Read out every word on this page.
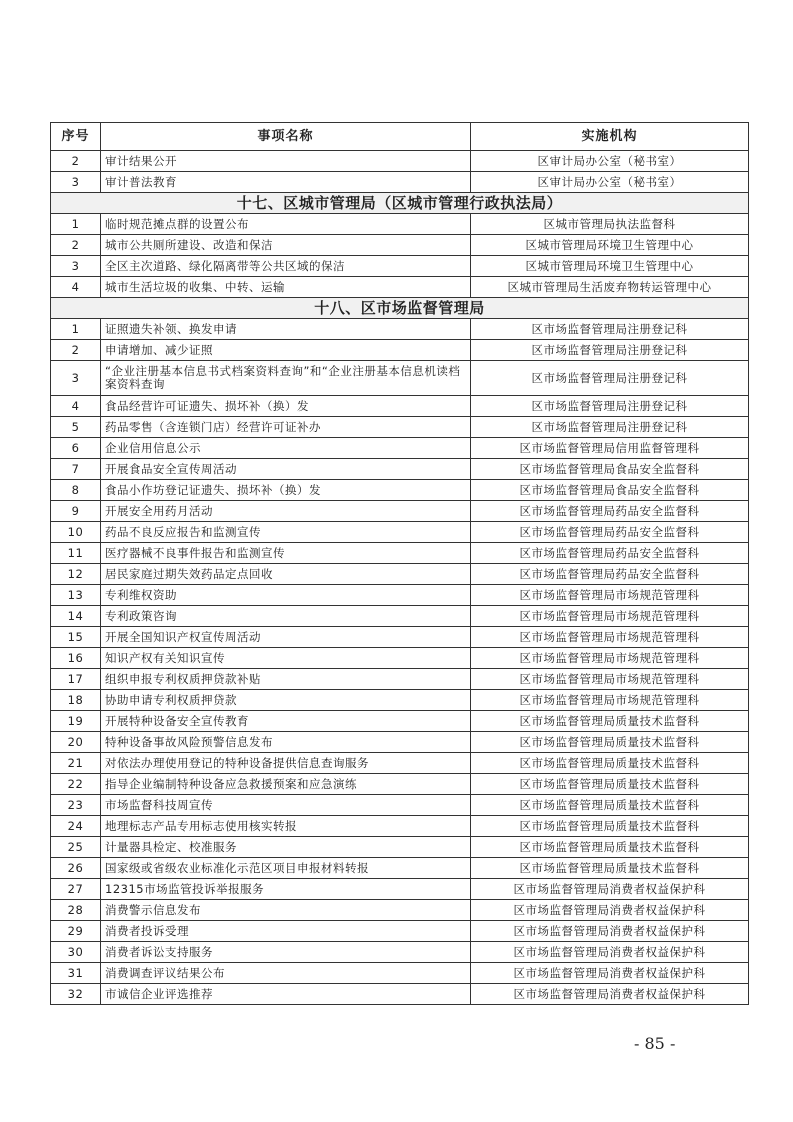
序号	事项名称	实施机构
2	审计结果公开	区审计局办公室（秘书室）
3	审计普法教育	区审计局办公室（秘书室）
十七、区城市管理局（区城市管理行政执法局）		
1	临时规范摊点群的设置公布	区城市管理局执法监督科
2	城市公共厕所建设、改造和保洁	区城市管理局环境卫生管理中心
3	全区主次道路、绿化隔离带等公共区域的保洁	区城市管理局环境卫生管理中心
4	城市生活垃圾的收集、中转、运输	区城市管理局生活废弃物转运管理中心
十八、区市场监督管理局		
1	证照遗失补领、换发申请	区市场监督管理局注册登记科
2	申请增加、减少证照	区市场监督管理局注册登记科
3	“企业注册基本信息书式档案资料查询”和“企业注册基本信息机读档案资料查询	区市场监督管理局注册登记科
4	食品经营许可证遗失、损坏补（换）发	区市场监督管理局注册登记科
5	药品零售（含连锁门店）经营许可证补办	区市场监督管理局注册登记科
6	企业信用信息公示	区市场监督管理局信用监督管理科
7	开展食品安全宣传周活动	区市场监督管理局食品安全监督科
8	食品小作坊登记证遗失、损坏补（换）发	区市场监督管理局食品安全监督科
9	开展安全用药月活动	区市场监督管理局药品安全监督科
10	药品不良反应报告和监测宣传	区市场监督管理局药品安全监督科
11	医疗器械不良事件报告和监测宣传	区市场监督管理局药品安全监督科
12	居民家庭过期失效药品定点回收	区市场监督管理局药品安全监督科
13	专利维权资助	区市场监督管理局市场规范管理科
14	专利政策咨询	区市场监督管理局市场规范管理科
15	开展全国知识产权宣传周活动	区市场监督管理局市场规范管理科
16	知识产权有关知识宣传	区市场监督管理局市场规范管理科
17	组织申报专利权质押贷款补贴	区市场监督管理局市场规范管理科
18	协助申请专利权质押贷款	区市场监督管理局市场规范管理科
19	开展特种设备安全宣传教育	区市场监督管理局质量技术监督科
20	特种设备事故风险预警信息发布	区市场监督管理局质量技术监督科
21	对依法办理使用登记的特种设备提供信息查询服务	区市场监督管理局质量技术监督科
22	指导企业编制特种设备应急救援预案和应急演练	区市场监督管理局质量技术监督科
23	市场监督科技周宣传	区市场监督管理局质量技术监督科
24	地理标志产品专用标志使用核实转报	区市场监督管理局质量技术监督科
25	计量器具检定、校准服务	区市场监督管理局质量技术监督科
26	国家级或省级农业标准化示范区项目申报材料转报	区市场监督管理局质量技术监督科
27	12315市场监管投诉举报服务	区市场监督管理局消费者权益保护科
28	消费警示信息发布	区市场监督管理局消费者权益保护科
29	消费者投诉受理	区市场监督管理局消费者权益保护科
30	消费者诉讼支持服务	区市场监督管理局消费者权益保护科
31	消费调查评议结果公布	区市场监督管理局消费者权益保护科
32	市诚信企业评选推荐	区市场监督管理局消费者权益保护科
- 85 -
